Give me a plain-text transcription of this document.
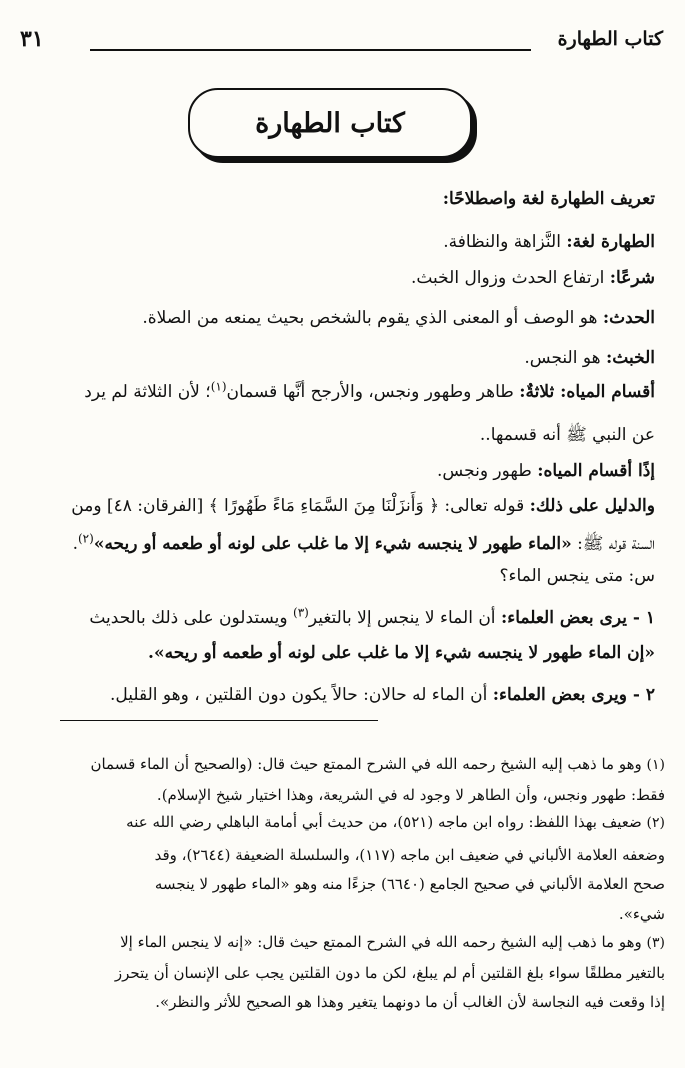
كتاب الطهارة
٣١
كتاب الطهارة
تعريف الطهارة لغة واصطلاحًا:
الطهارة لغة: النَّزاهة والنظافة.
شرعًا: ارتفاع الحدث وزوال الخبث.
الحدث: هو الوصف أو المعنى الذي يقوم بالشخص بحيث يمنعه من الصلاة.
الخبث: هو النجس.
أقسام المياه: ثلاثةٌ: طاهر وطهور ونجس، والأرجح أنَّها قسمان$^{(١)}$؛ لأن الثلاثة لم يرد
عن النبي ﷺ أنه قسمها..
إذًا أقسام المياه: طهور ونجس.
والدليل على ذلك: قوله تعالى: ﴿ وَأَنزَلْنَا مِنَ السَّمَاءِ مَاءً طَهُورًا ﴾ [الفرقان: ٤٨] ومن
السنة قوله ﷺ: «الماء طهور لا ينجسه شيء إلا ما غلب على لونه أو طعمه أو ريحه»$^{(٢)}$.
س: متى ينجس الماء؟
١ - يرى بعض العلماء: أن الماء لا ينجس إلا بالتغير$^{(٣)}$ ويستدلون على ذلك بالحديث
«إن الماء طهور لا ينجسه شيء إلا ما غلب على لونه أو طعمه أو ريحه».
٢ - ويرى بعض العلماء: أن الماء له حالان: حالاً يكون دون القلتين ، وهو القليل.
(١) وهو ما ذهب إليه الشيخ رحمه الله في الشرح الممتع حيث قال: (والصحيح أن الماء قسمان
فقط: طهور ونجس، وأن الطاهر لا وجود له في الشريعة، وهذا اختيار شيخ الإسلام).
(٢) ضعيف بهذا اللفظ: رواه ابن ماجه (٥٢١)، من حديث أبي أمامة الباهلي رضي الله عنه
وضعفه العلامة الألباني في ضعيف ابن ماجه (١١٧)، والسلسلة الضعيفة (٢٦٤٤)، وقد
صحح العلامة الألباني في صحيح الجامع (٦٦٤٠) جزءًا منه وهو «الماء طهور لا ينجسه
شيء».
(٣) وهو ما ذهب إليه الشيخ رحمه الله في الشرح الممتع حيث قال: «إنه لا ينجس الماء إلا
بالتغير مطلقًا سواء بلغ القلتين أم لم يبلغ، لكن ما دون القلتين يجب على الإنسان أن يتحرز
إذا وقعت فيه النجاسة لأن الغالب أن ما دونهما يتغير وهذا هو الصحيح للأثر والنظر».
